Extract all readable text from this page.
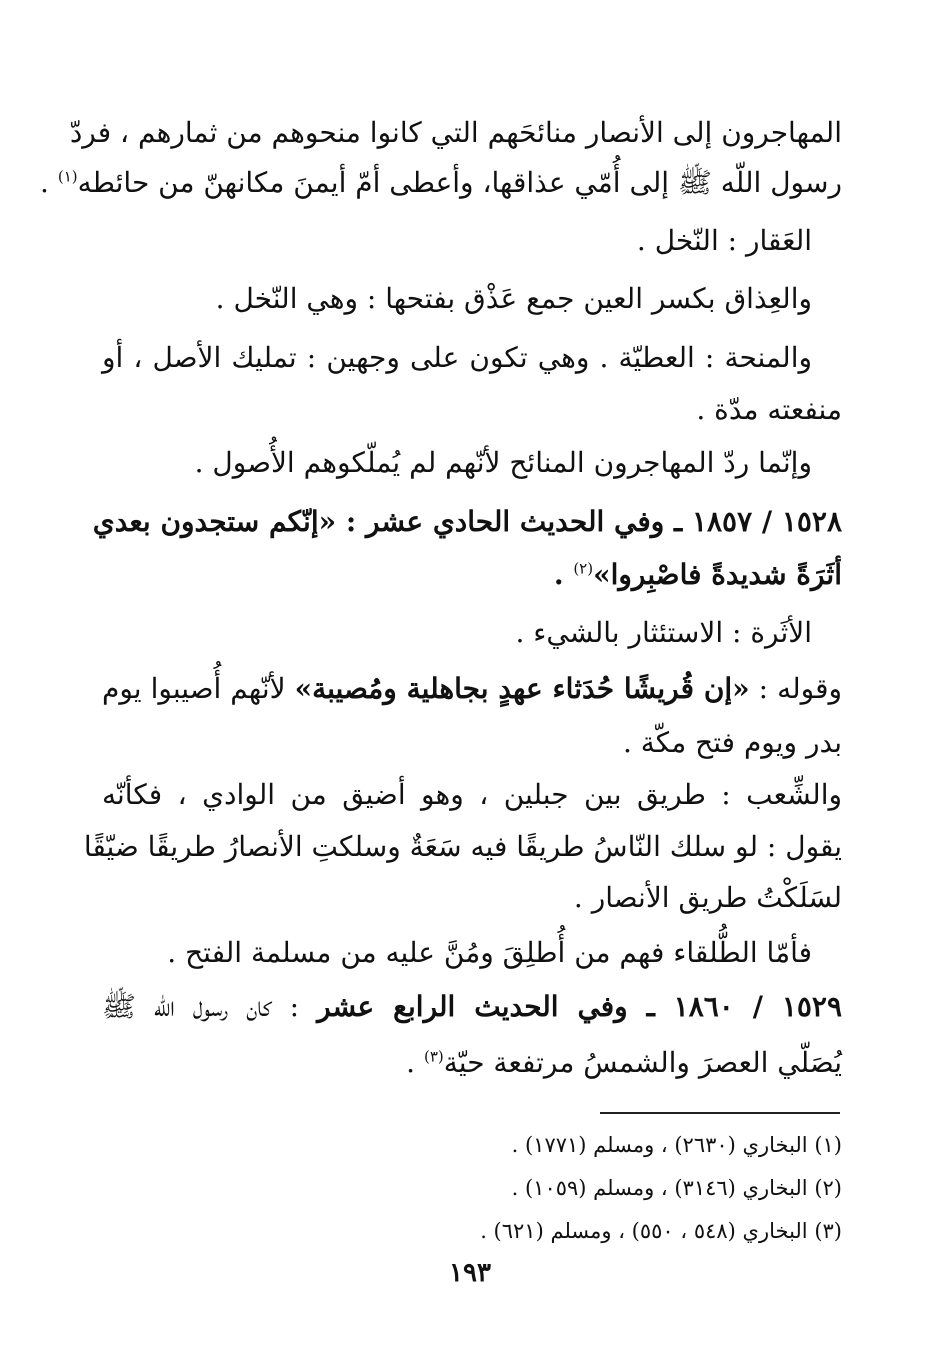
المهاجرون إلى الأنصار منائحَهم التي كانوا منحوهم من ثمارهم ، فردّ
رسول اللّه ﷺ إلى أُمّي عذاقها، وأعطى أمّ أيمنَ مكانهنّ من حائطه$^{(١)}$ .
العَقار : النّخل .
والعِذاق بكسر العين جمع عَذْق بفتحها : وهي النّخل .
والمنحة : العطيّة . وهي تكون على وجهين : تمليك الأصل ، أو
منفعته مدّة .
وإنّما ردّ المهاجرون المنائح لأنّهم لم يُملّكوهم الأُصول .
١٥٢٨ / ١٨٥٧ ـ وفي الحديث الحادي عشر : «إنّكم ستجدون بعدي
أثَرَةً شديدةً فاصْبِروا»$^{(٢)}$ .
الأثَرة : الاستئثار بالشيء .
وقوله : «إن قُريشًا حُدَثاء عهدٍ بجاهلية ومُصيبة» لأنّهم أُصيبوا يوم
بدر ويوم فتح مكّة .
والشِّعب : طريق بين جبلين ، وهو أضيق من الوادي ، فكأنّه
يقول : لو سلك النّاسُ طريقًا فيه سَعَةٌ وسلكتِ الأنصارُ طريقًا ضيّقًا
لسَلَكْتُ طريق الأنصار .
فأمّا الطُّلقاء فهم من أُطلِقَ ومُنَّ عليه من مسلمة الفتح .
١٥٢٩ / ١٨٦٠ ـ وفي الحديث الرابع عشر : كان رسول اللّه ﷺ
يُصَلّي العصرَ والشمسُ مرتفعة حيّة$^{(٣)}$ .
(١) البخاري (٢٦٣٠) ، ومسلم (١٧٧١) .
(٢) البخاري (٣١٤٦) ، ومسلم (١٠٥٩) .
(٣) البخاري (٥٤٨ ، ٥٥٠) ، ومسلم (٦٢١) .
١٩٣
